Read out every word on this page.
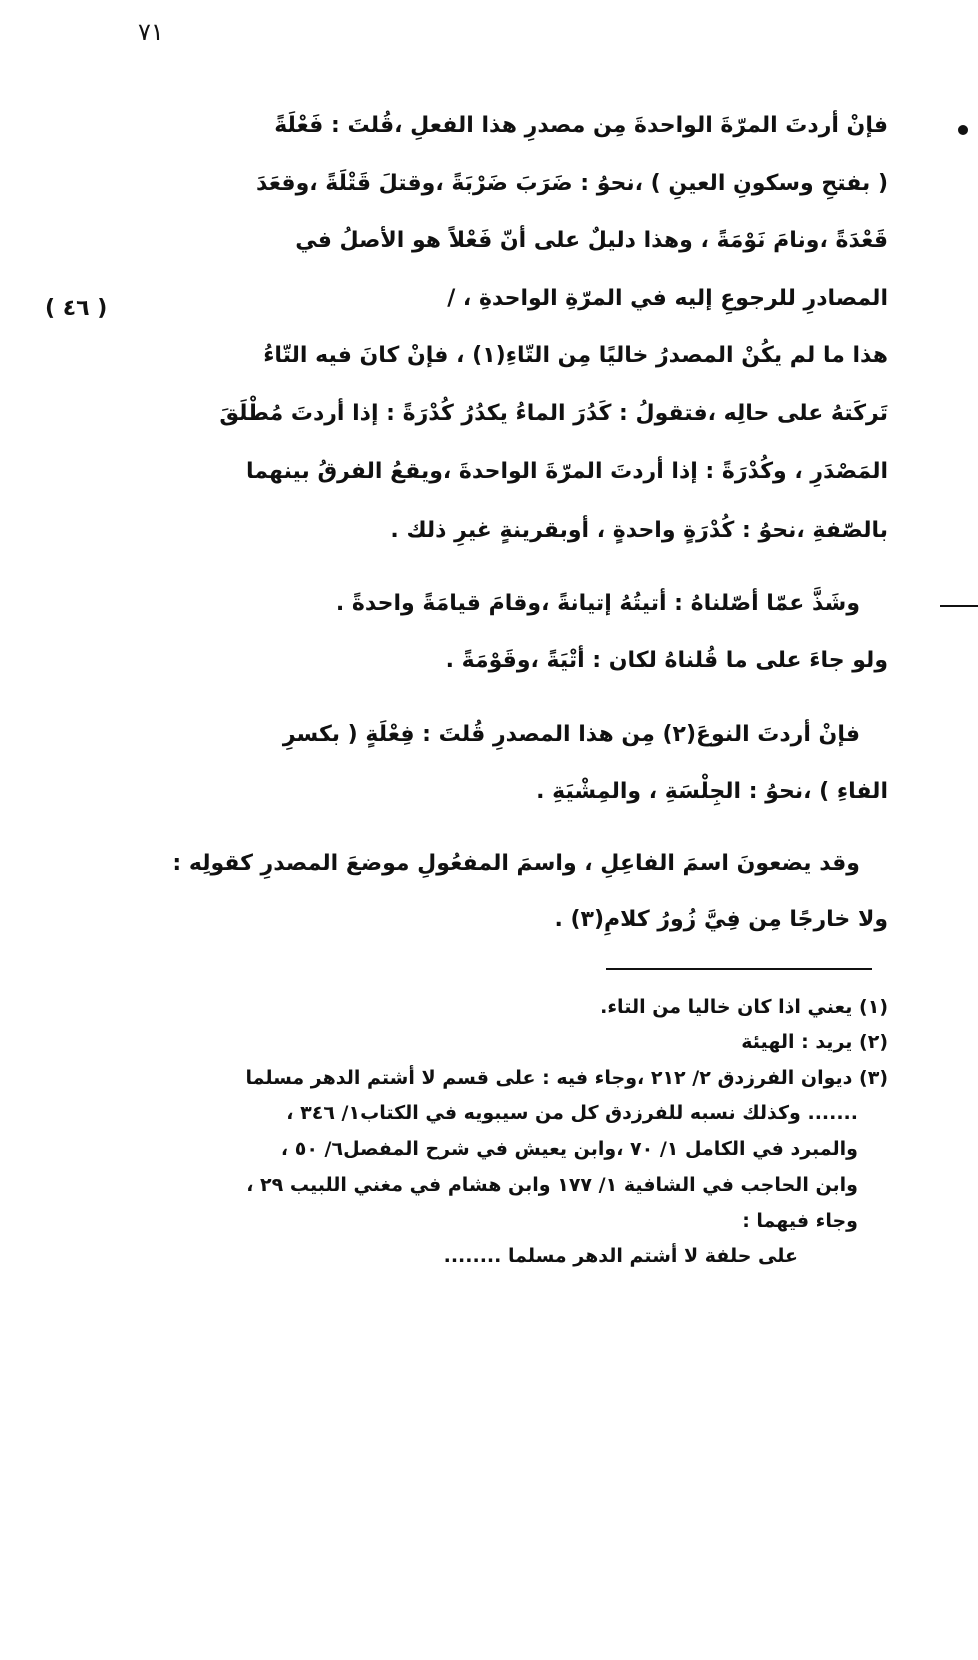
٧١
( ٤٦ )
فإنْ أردتَ المرّةَ الواحدةَ مِن مصدرِ هذا الفعلِ ،قُلتَ : فَعْلَةً
( بفتحِ وسكونِ العينِ ) ،نحوُ : ضَرَبَ ضَرْبَةً ،وقتلَ قَتْلَةً ،وقعَدَ
قَعْدَةً ،ونامَ نَوْمَةً ، وهذا دليلٌ على أنّ فَعْلاً هو الأصلُ في
المصادرِ للرجوعِ إليه في المرّةِ الواحدةِ ، /
هذا ما لم يكُنْ المصدرُ خاليًا مِن التّاءِ(١) ، فإنْ كانَ فيه التّاءُ
تَركَتهُ على حالِه ،فتقولُ : كَدُرَ الماءُ يكدُرُ كُدْرَةً : إذا أردتَ مُطْلَقَ
المَصْدَرِ ، وكُدْرَةً : إذا أردتَ المرّةَ الواحدةَ ،ويقعُ الفرقُ بينهما
بالصّفةِ ،نحوُ : كُدْرَةٍ واحدةٍ ، أوبقرينةٍ غيرِ ذلك .
وشَذَّ عمّا أصّلناهُ : أتيتُهُ إتيانةً ،وقامَ قيامَةً واحدةً .
ولو جاءَ على ما قُلناهُ لكان : أتْيَةً ،وقَوْمَةً .
فإنْ أردتَ النوعَ(٢) مِن هذا المصدرِ قُلتَ : فِعْلَةٍ ( بكسرِ
الفاءِ ) ،نحوُ : الجِلْسَةِ ، والمِشْيَةِ .
وقد يضعونَ اسمَ الفاعِلِ ، واسمَ المفعُولِ موضعَ المصدرِ كقولِه :
ولا خارجًا مِن فِيَّ زُورُ كلامِ(٣) .
(١) يعني اذا كان خاليا من التاء.
(٢) يريد : الهيئة
(٣) ديوان الفرزدق ٢/ ٢١٢ ،وجاء فيه : على قسم لا أشتم الدهر مسلما
....... وكذلك نسبه للفرزدق كل من سيبويه في الكتاب١/ ٣٤٦ ،
والمبرد في الكامل ١/ ٧٠ ،وابن يعيش في شرح المفصل٦/ ٥٠ ،
وابن الحاجب في الشافية ١/ ١٧٧ وابن هشام في مغني اللبيب ٢٩ ،
وجاء فيهما :
على حلفة لا أشتم الدهر مسلما ........
